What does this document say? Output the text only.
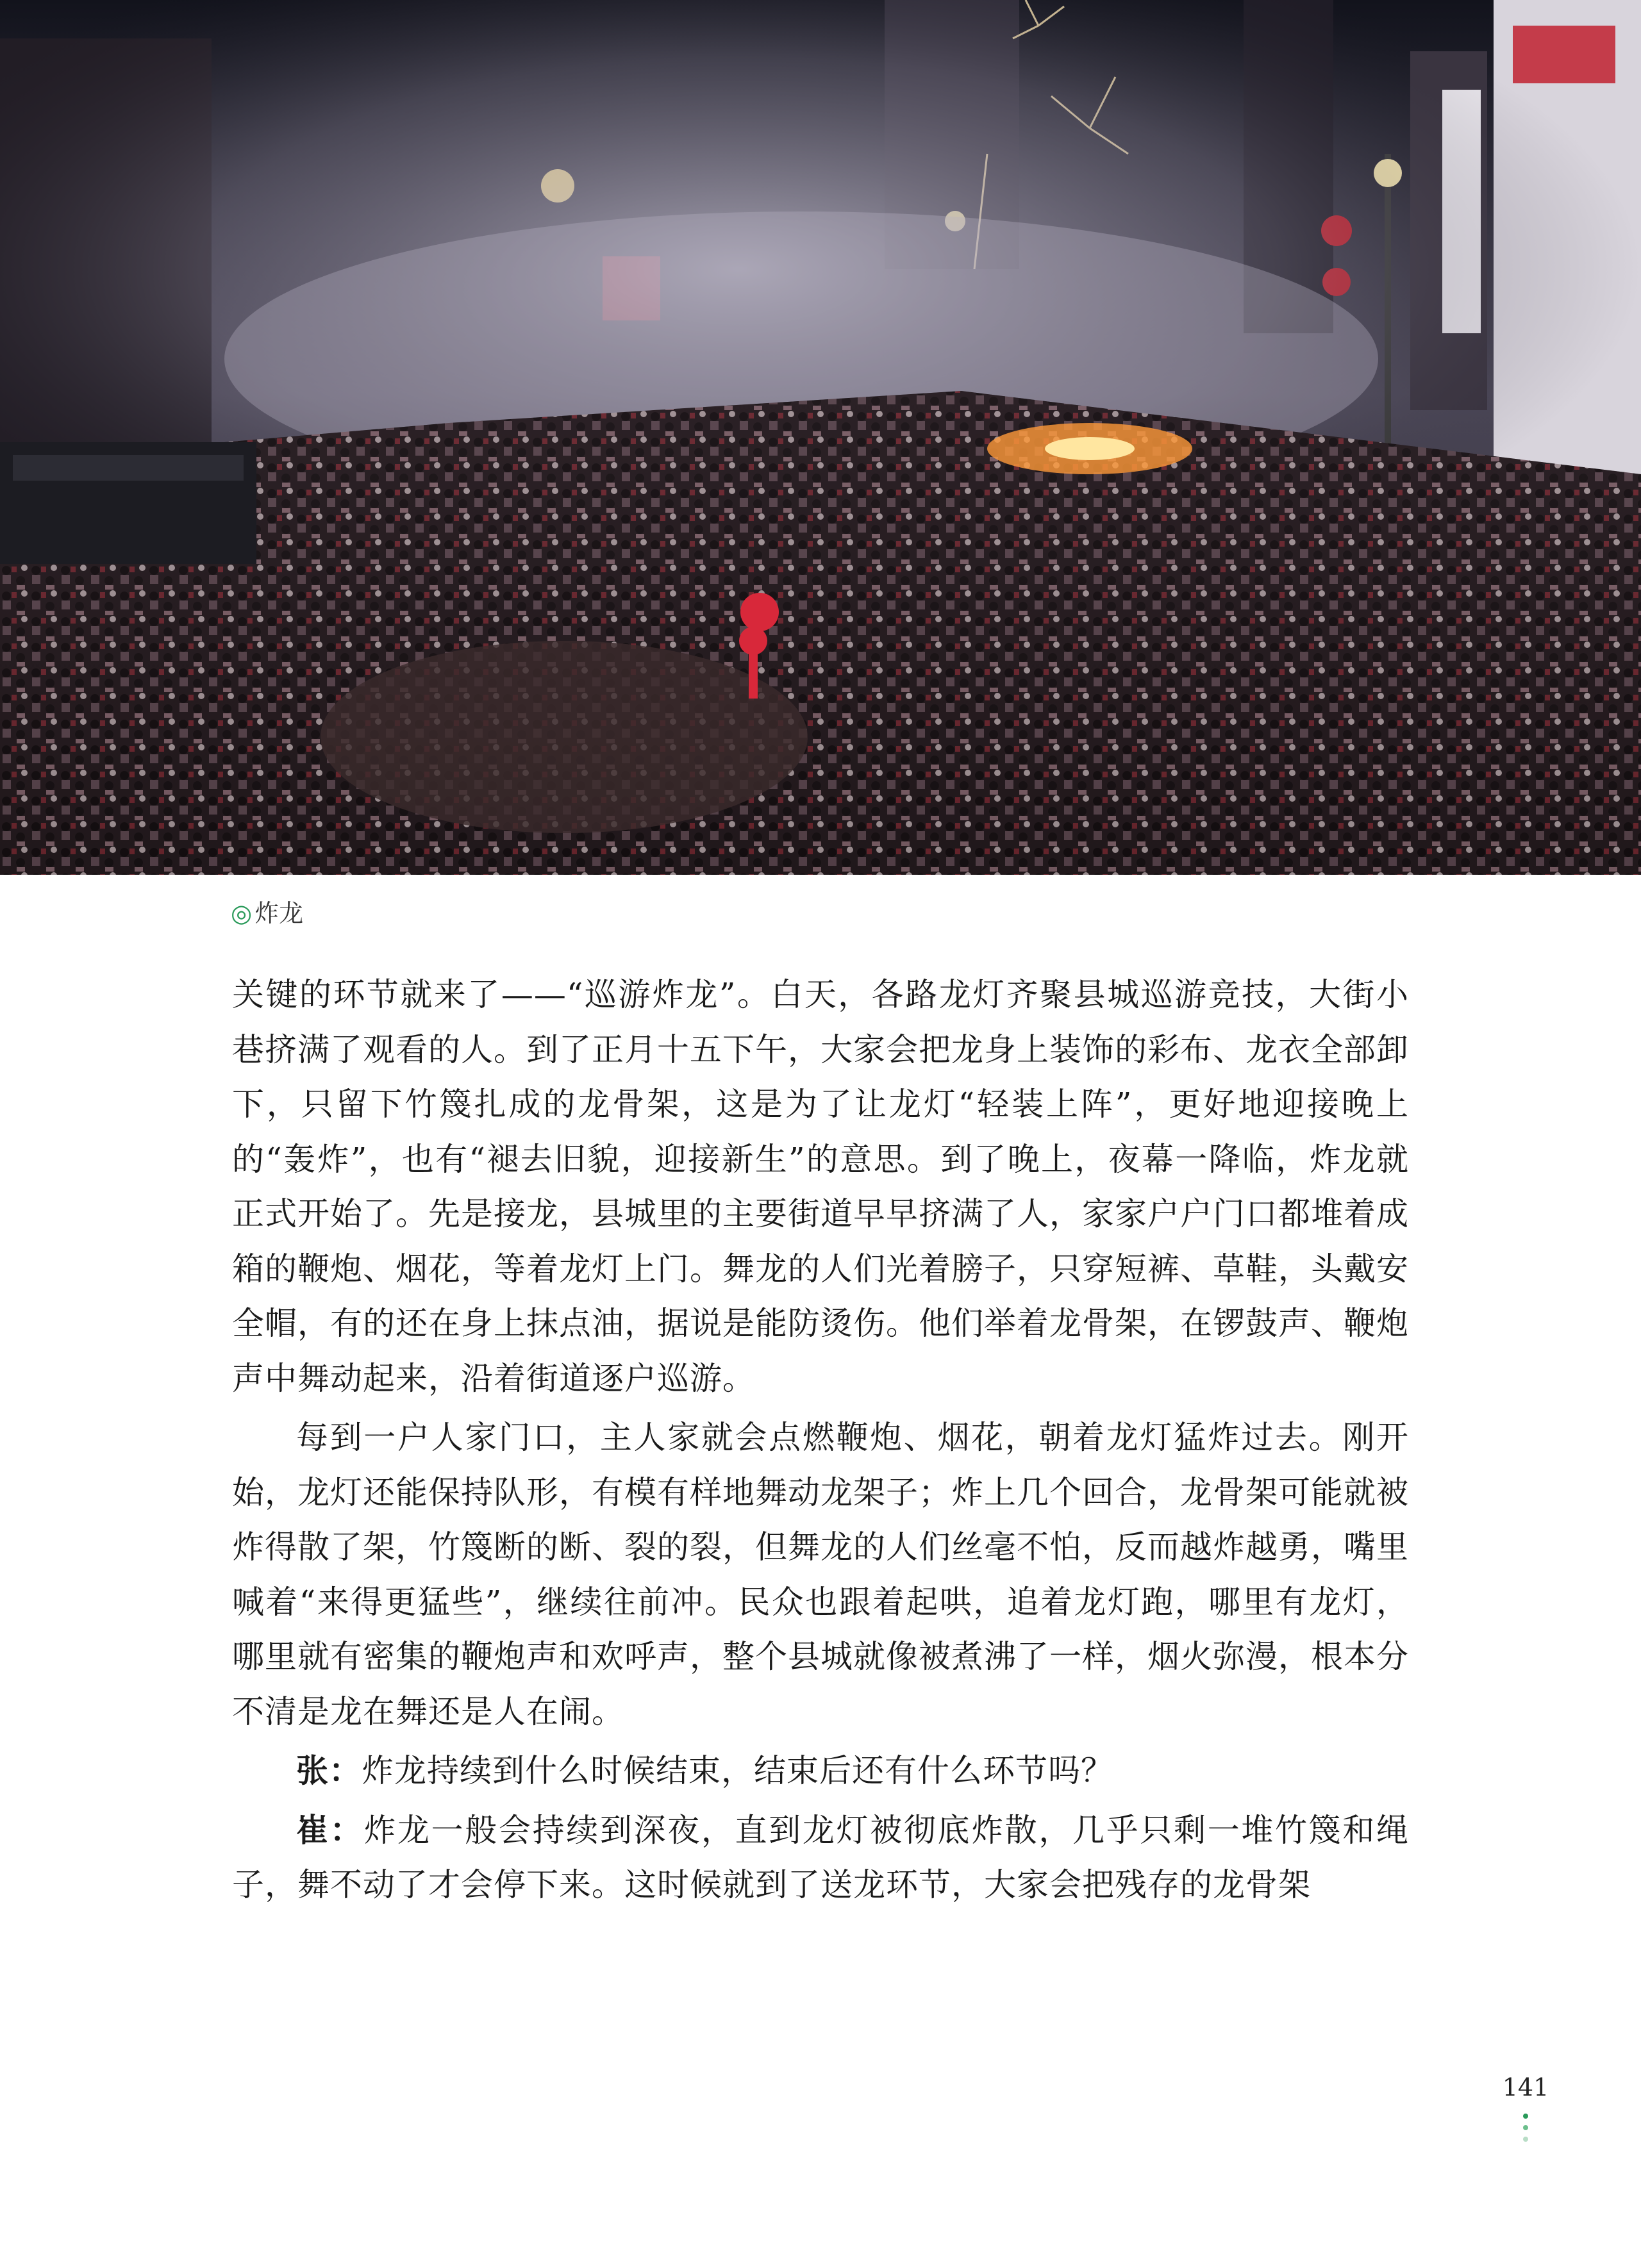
◎ 炸龙

关键的环节就来了——“巡游炸龙”。白天，各路龙灯齐聚县城巡游竞技，大街小巷挤满了观看的人。到了正月十五下午，大家会把龙身上装饰的彩布、龙衣全部卸下，只留下竹篾扎成的龙骨架，这是为了让龙灯“轻装上阵”，更好地迎接晚上的“轰炸”，也有“褪去旧貌，迎接新生”的意思。到了晚上，夜幕一降临，炸龙就正式开始了。先是接龙，县城里的主要街道早早挤满了人，家家户户门口都堆着成箱的鞭炮、烟花，等着龙灯上门。舞龙的人们光着膀子，只穿短裤、草鞋，头戴安全帽，有的还在身上抹点油，据说是能防烫伤。他们举着龙骨架，在锣鼓声、鞭炮声中舞动起来，沿着街道逐户巡游。

每到一户人家门口，主人家就会点燃鞭炮、烟花，朝着龙灯猛炸过去。刚开始，龙灯还能保持队形，有模有样地舞动龙架子；炸上几个回合，龙骨架可能就被炸得散了架，竹篾断的断、裂的裂，但舞龙的人们丝毫不怕，反而越炸越勇，嘴里喊着“来得更猛些”，继续往前冲。民众也跟着起哄，追着龙灯跑，哪里有龙灯，哪里就有密集的鞭炮声和欢呼声，整个县城就像被煮沸了一样，烟火弥漫，根本分不清是龙在舞还是人在闹。

张：炸龙持续到什么时候结束，结束后还有什么环节吗？

崔：炸龙一般会持续到深夜，直到龙灯被彻底炸散，几乎只剩一堆竹篾和绳子，舞不动了才会停下来。这时候就到了送龙环节，大家会把残存的龙骨架

141
